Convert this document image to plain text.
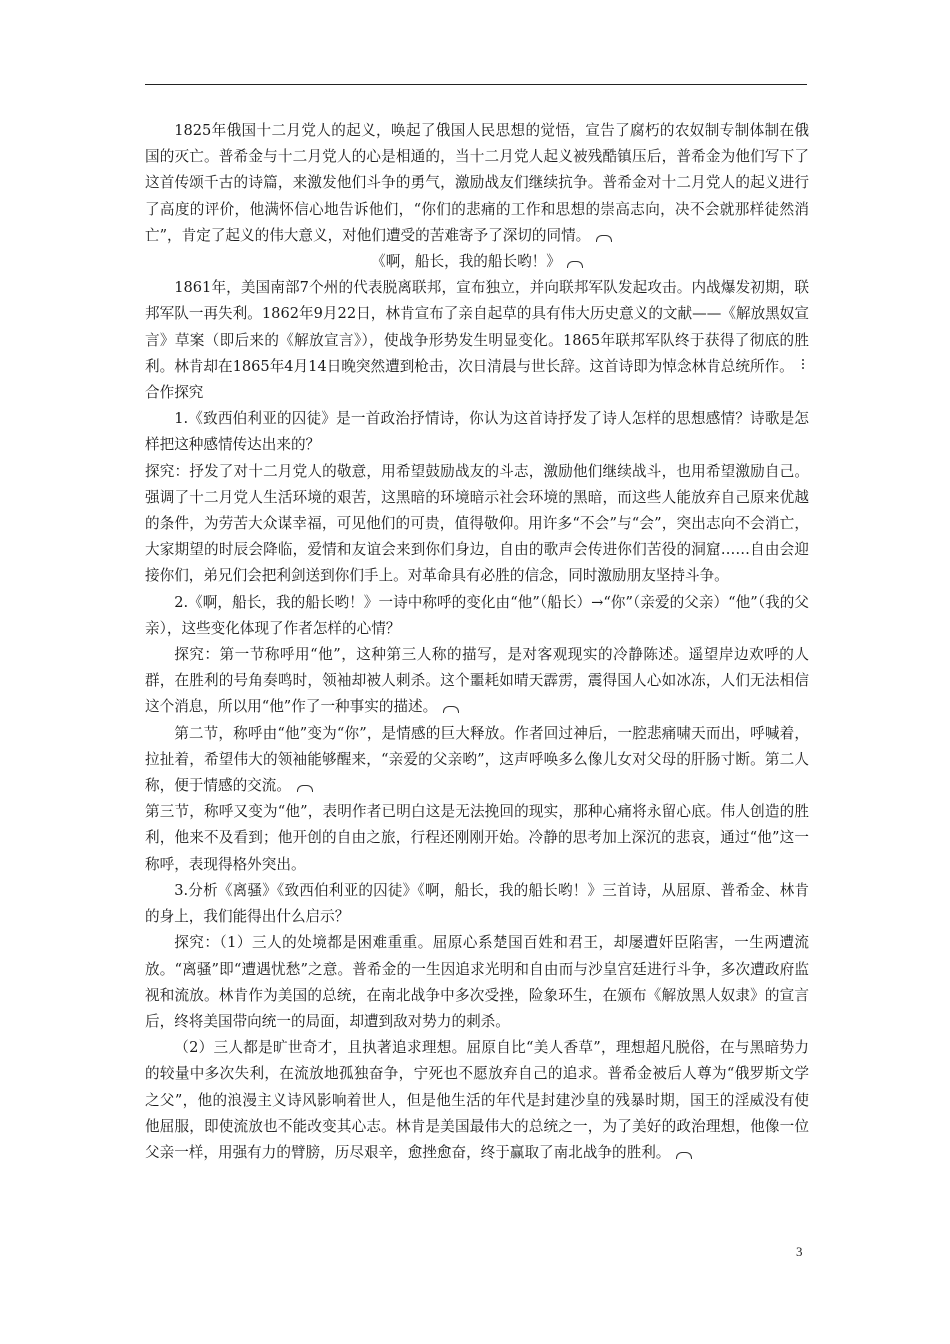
1825年俄国十二月党人的起义，唤起了俄国人民思想的觉悟，宣告了腐朽的农奴制专制体制在俄国的灭亡。普希金与十二月党人的心是相通的，当十二月党人起义被残酷镇压后，普希金为他们写下了这首传颂千古的诗篇，来激发他们斗争的勇气，激励战友们继续抗争。普希金对十二月党人的起义进行了高度的评价，他满怀信心地告诉他们，“你们的悲痛的工作和思想的崇高志向，决不会就那样徒然消亡”，肯定了起义的伟大意义，对他们遭受的苦难寄予了深切的同情。

《啊，船长，我的船长哟！》

1861年，美国南部7个州的代表脱离联邦，宣布独立，并向联邦军队发起攻击。内战爆发初期，联邦军队一再失利。1862年9月22日，林肯宣布了亲自起草的具有伟大历史意义的文献——《解放黑奴宣言》草案（即后来的《解放宣言》），使战争形势发生明显变化。1865年联邦军队终于获得了彻底的胜利。林肯却在1865年4月14日晚突然遭到枪击，次日清晨与世长辞。这首诗即为悼念林肯总统所作。

合作探究

1.《致西伯利亚的囚徒》是一首政治抒情诗，你认为这首诗抒发了诗人怎样的思想感情？诗歌是怎样把这种感情传达出来的？

探究：抒发了对十二月党人的敬意，用希望鼓励战友的斗志，激励他们继续战斗，也用希望激励自己。强调了十二月党人生活环境的艰苦，这黑暗的环境暗示社会环境的黑暗，而这些人能放弃自己原来优越的条件，为劳苦大众谋幸福，可见他们的可贵，值得敬仰。用许多“不会”与“会”，突出志向不会消亡，大家期望的时辰会降临，爱情和友谊会来到你们身边，自由的歌声会传进你们苦役的洞窟……自由会迎接你们，弟兄们会把利剑送到你们手上。对革命具有必胜的信念，同时激励朋友坚持斗争。

2.《啊，船长，我的船长哟！》一诗中称呼的变化由“他”（船长）→“你”（亲爱的父亲）“他”（我的父亲），这些变化体现了作者怎样的心情？

探究：第一节称呼用“他”，这种第三人称的描写，是对客观现实的冷静陈述。遥望岸边欢呼的人群，在胜利的号角奏鸣时，领袖却被人刺杀。这个噩耗如晴天霹雳，震得国人心如冰冻，人们无法相信这个消息，所以用“他”作了一种事实的描述。

第二节，称呼由“他”变为“你”，是情感的巨大释放。作者回过神后，一腔悲痛啸天而出，呼喊着，拉扯着，希望伟大的领袖能够醒来，“亲爱的父亲哟”，这声呼唤多么像儿女对父母的肝肠寸断。第二人称，便于情感的交流。

第三节，称呼又变为“他”，表明作者已明白这是无法挽回的现实，那种心痛将永留心底。伟人创造的胜利，他来不及看到；他开创的自由之旅，行程还刚刚开始。冷静的思考加上深沉的悲哀，通过“他”这一称呼，表现得格外突出。

3.分析《离骚》《致西伯利亚的囚徒》《啊，船长，我的船长哟！》三首诗，从屈原、普希金、林肯的身上，我们能得出什么启示？

探究：（1）三人的处境都是困难重重。屈原心系楚国百姓和君王，却屡遭奸臣陷害，一生两遭流放。“离骚”即“遭遇忧愁”之意。普希金的一生因追求光明和自由而与沙皇宫廷进行斗争，多次遭政府监视和流放。林肯作为美国的总统，在南北战争中多次受挫，险象环生，在颁布《解放黑人奴隶》的宣言后，终将美国带向统一的局面，却遭到敌对势力的刺杀。

（2）三人都是旷世奇才，且执著追求理想。屈原自比“美人香草”，理想超凡脱俗，在与黑暗势力的较量中多次失利，在流放地孤独奋争，宁死也不愿放弃自己的追求。普希金被后人尊为“俄罗斯文学之父”，他的浪漫主义诗风影响着世人，但是他生活的年代是封建沙皇的残暴时期，国王的淫威没有使他屈服，即使流放也不能改变其心志。林肯是美国最伟大的总统之一，为了美好的政治理想，他像一位父亲一样，用强有力的臂膀，历尽艰辛，愈挫愈奋，终于赢取了南北战争的胜利。

3
